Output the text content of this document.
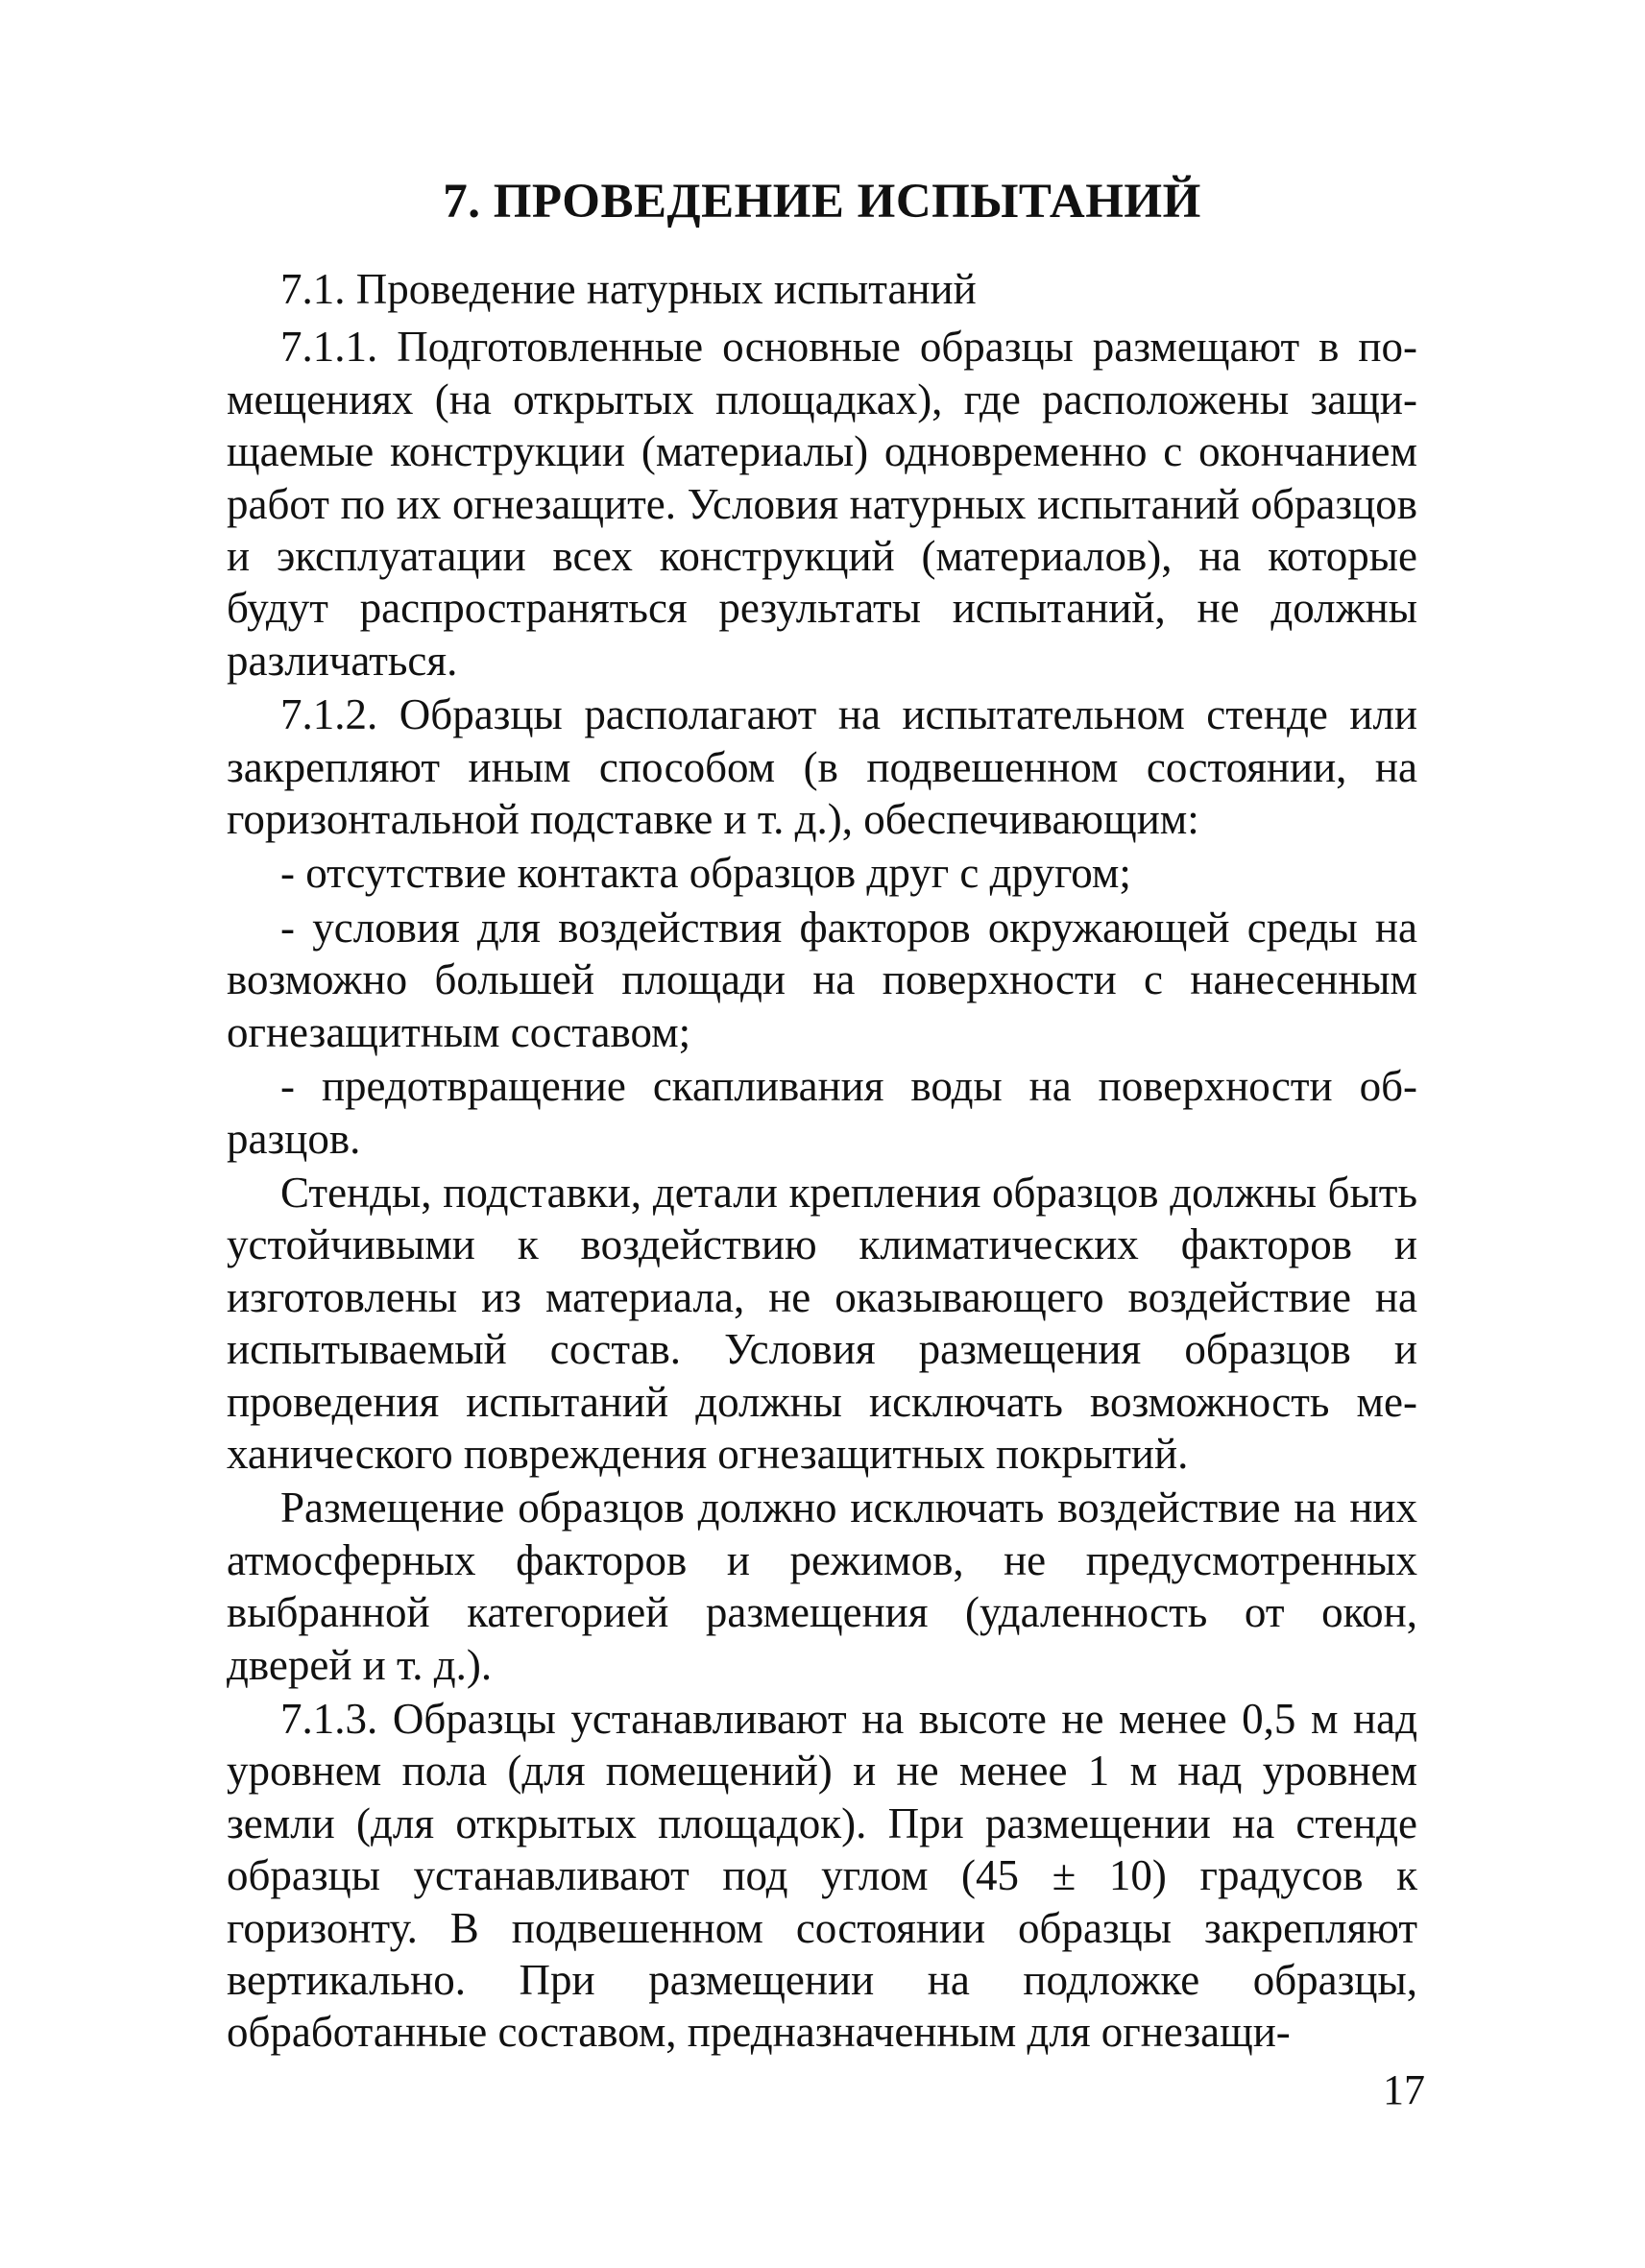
7. ПРОВЕДЕНИЕ ИСПЫТАНИЙ

7.1. Проведение натурных испытаний

7.1.1. Подготовленные основные образцы размещают в помещениях (на открытых площадках), где расположены защищаемые конструкции (материалы) одновременно с окончанием работ по их огнезащите. Условия натурных испытаний образцов и эксплуатации всех конструкций (материалов), на которые будут распространяться результаты испытаний, не должны различаться.

7.1.2. Образцы располагают на испытательном стенде или закрепляют иным способом (в подвешенном состоянии, на горизонтальной подставке и т. д.), обеспечивающим:

- отсутствие контакта образцов друг с другом;

- условия для воздействия факторов окружающей среды на возможно большей площади на поверхности с нанесенным огнезащитным составом;

- предотвращение скапливания воды на поверхности образцов.

Стенды, подставки, детали крепления образцов должны быть устойчивыми к воздействию климатических факторов и изготовлены из материала, не оказывающего воздействие на испытываемый состав. Условия размещения образцов и проведения испытаний должны исключать возможность механического повреждения огнезащитных покрытий.

Размещение образцов должно исключать воздействие на них атмосферных факторов и режимов, не предусмотренных выбранной категорией размещения (удаленность от окон, дверей и т. д.).

7.1.3. Образцы устанавливают на высоте не менее 0,5 м над уровнем пола (для помещений) и не менее 1 м над уровнем земли (для открытых площадок). При размещении на стенде образцы устанавливают под углом (45 ± 10) градусов к горизонту. В подвешенном состоянии образцы закрепляют вертикально. При размещении на подложке образцы, обработанные составом, предназначенным для огнезащи-

17
